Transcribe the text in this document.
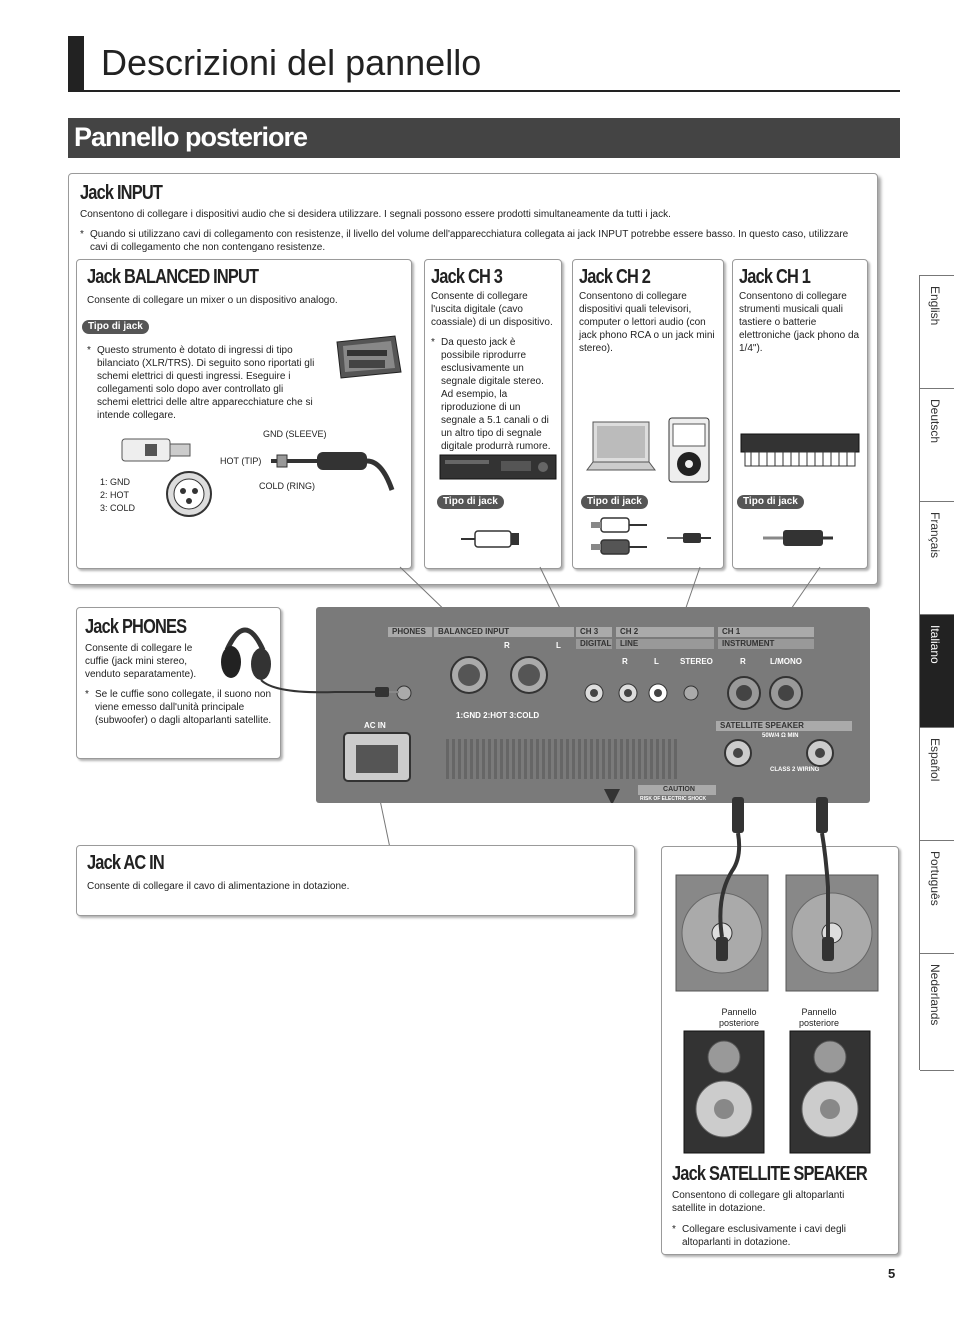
Descrizioni del pannello
Pannello posteriore
English
Deutsch
Français
Italiano
Español
Português
Nederlands
Jack INPUT
Consentono di collegare i dispositivi audio che si desidera utilizzare. I segnali possono essere prodotti simultaneamente da tutti i jack.
* Quando si utilizzano cavi di collegamento con resistenze, il livello del volume dell'apparecchiatura collegata ai jack INPUT potrebbe essere basso. In questo caso, utilizzare cavi di collegamento che non contengano resistenze.
Jack BALANCED INPUT
Consente di collegare un mixer o un dispositivo analogo.
Tipo di jack
* Questo strumento è dotato di ingressi di tipo bilanciato (XLR/TRS). Di seguito sono riportati gli schemi elettrici di questi ingressi. Eseguire i collegamenti solo dopo aver controllato gli schemi elettrici delle altre apparecchiature che si intende collegare.
GND (SLEEVE)
HOT (TIP)
COLD (RING)
1: GND
2: HOT
3: COLD
Jack CH 3
Consente di collegare l'uscita digitale (cavo coassiale) di un dispositivo.
* Da questo jack è possibile riprodurre esclusivamente un segnale digitale stereo. Ad esempio, la riproduzione di un segnale a 5.1 canali o di un altro tipo di segnale digitale produrrà rumore.
Tipo di jack
Jack CH 2
Consentono di collegare dispositivi quali televisori, computer o lettori audio (con jack phono RCA o un jack mini stereo).
Tipo di jack
Jack CH 1
Consentono di collegare strumenti musicali quali tastiere o batterie elettroniche (jack phono da 1/4").
Tipo di jack
PHONES	BALANCED INPUT	CH 3
DIGITAL
CH 2
LINE
CH 1
INSTRUMENT
R	L
R	L	STEREO	R	L/MONO
1:GND 2:HOT 3:COLD
AC IN	SATELLITE SPEAKER
50W/4 Ω MIN
CLASS 2 WIRING
CAUTION
RISK OF ELECTRIC SHOCK
Jack PHONES
Consente di collegare le cuffie (jack mini stereo, venduto separatamente).
* Se le cuffie sono collegate, il suono non viene emesso dall'unità principale (subwoofer) o dagli altoparlanti satellite.
Jack AC IN
Consente di collegare il cavo di alimentazione in dotazione.
Pannello posteriore
Pannello posteriore
Jack SATELLITE SPEAKER
Consentono di collegare gli altoparlanti satellite in dotazione.
* Collegare esclusivamente i cavi degli altoparlanti in dotazione.
5
